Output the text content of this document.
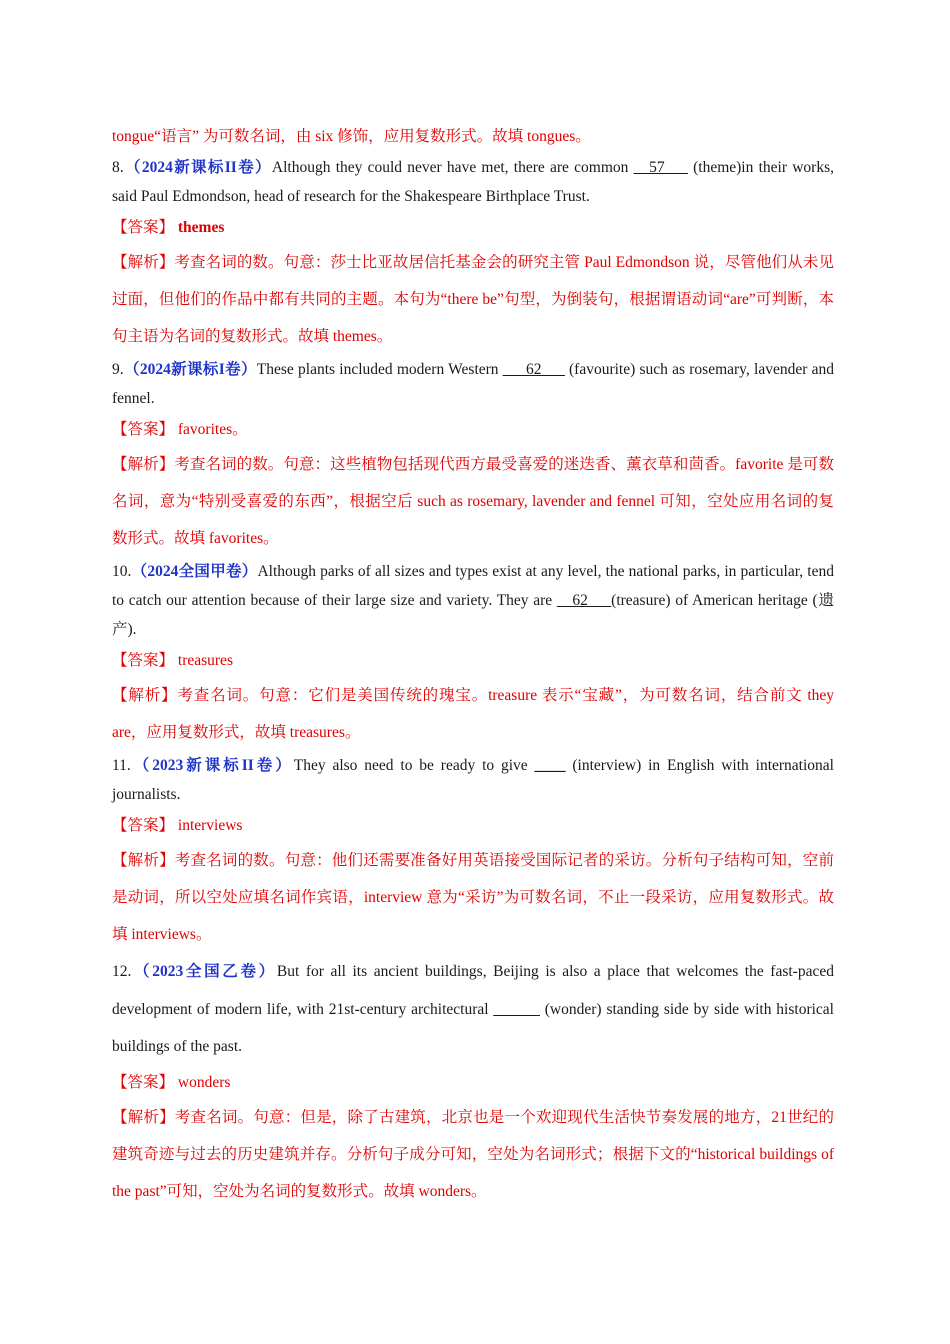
tongue“语言” 为可数名词，由 six 修饰，应用复数形式。故填 tongues。

8.（2024新课标II卷）Although they could never have met, there are common __57___ (theme)in their works, said Paul Edmondson, head of research for the Shakespeare Birthplace Trust.

【答案】 themes

【解析】考查名词的数。句意：莎士比亚故居信托基金会的研究主管 Paul Edmondson 说，尽管他们从未见过面，但他们的作品中都有共同的主题。本句为“there be”句型，为倒装句，根据谓语动词“are”可判断，本句主语为名词的复数形式。故填 themes。

9.（2024新课标I卷）These plants included modern Western ___62___ (favourite) such as rosemary, lavender and fennel.

【答案】 favorites。

【解析】考查名词的数。句意：这些植物包括现代西方最受喜爱的迷迭香、薰衣草和茴香。favorite 是可数名词，意为“特别受喜爱的东西”，根据空后 such as rosemary, lavender and fennel 可知，空处应用名词的复数形式。故填 favorites。

10.（2024全国甲卷）Although parks of all sizes and types exist at any level, the national parks, in particular, tend to catch our attention because of their large size and variety. They are __62___(treasure) of American heritage (遗产).

【答案】 treasures

【解析】考查名词。句意：它们是美国传统的瑰宝。treasure 表示“宝藏”，为可数名词，结合前文 they are，应用复数形式，故填 treasures。

11.（2023新课标II卷）They also need to be ready to give ____ (interview) in English with international journalists.

【答案】 interviews

【解析】考查名词的数。句意：他们还需要准备好用英语接受国际记者的采访。分析句子结构可知，空前是动词，所以空处应填名词作宾语，interview 意为“采访”为可数名词，不止一段采访，应用复数形式。故填 interviews。

12.（2023全国乙卷）But for all its ancient buildings, Beijing is also a place that welcomes the fast-paced development of modern life, with 21st-century architectural ______ (wonder) standing side by side with historical buildings of the past.

【答案】 wonders

【解析】考查名词。句意：但是，除了古建筑，北京也是一个欢迎现代生活快节奏发展的地方，21世纪的建筑奇迹与过去的历史建筑并存。分析句子成分可知，空处为名词形式；根据下文的“historical buildings of the past”可知，空处为名词的复数形式。故填 wonders。
